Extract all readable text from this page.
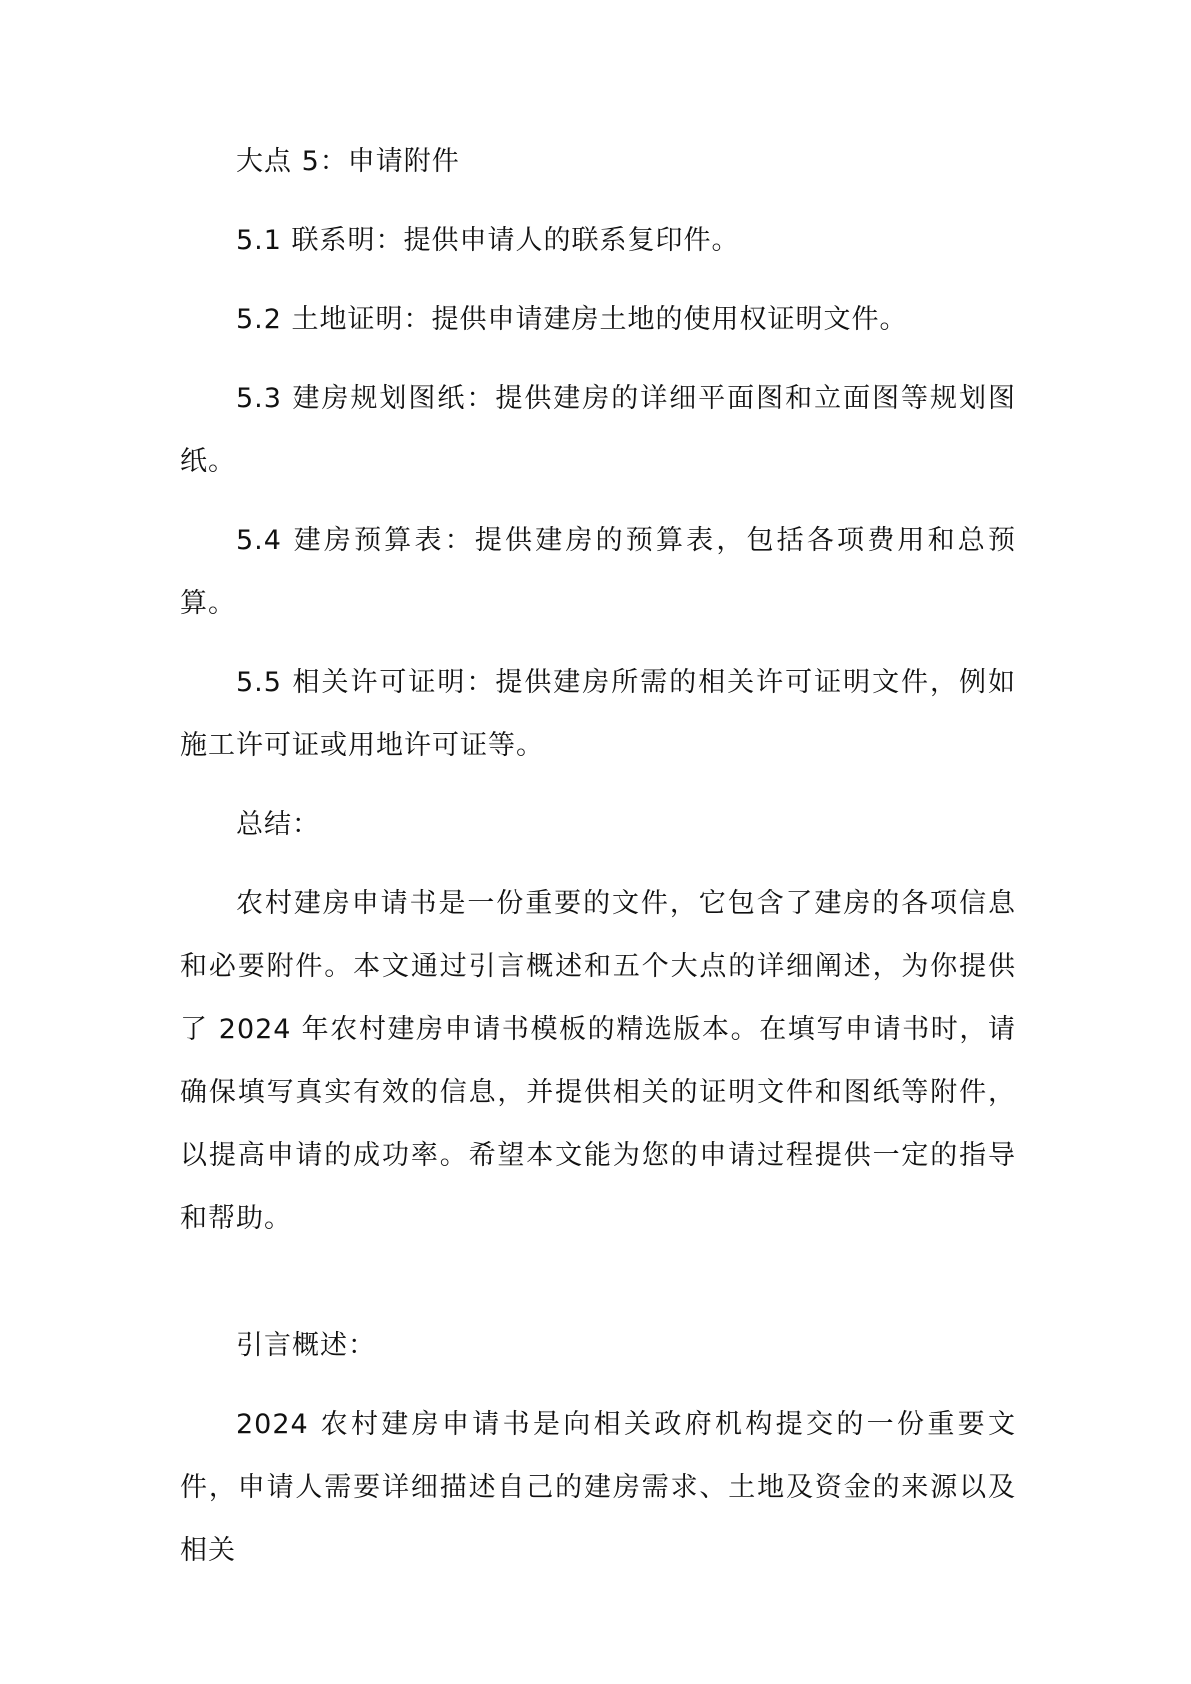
大点 5：申请附件

5.1 联系明：提供申请人的联系复印件。

5.2 土地证明：提供申请建房土地的使用权证明文件。

5.3 建房规划图纸：提供建房的详细平面图和立面图等规划图纸。

5.4 建房预算表：提供建房的预算表，包括各项费用和总预算。

5.5 相关许可证明：提供建房所需的相关许可证明文件，例如施工许可证或用地许可证等。

总结：

农村建房申请书是一份重要的文件，它包含了建房的各项信息和必要附件。本文通过引言概述和五个大点的详细阐述，为你提供了 2024 年农村建房申请书模板的精选版本。在填写申请书时，请确保填写真实有效的信息，并提供相关的证明文件和图纸等附件，以提高申请的成功率。希望本文能为您的申请过程提供一定的指导和帮助。

引言概述：

2024 农村建房申请书是向相关政府机构提交的一份重要文件，申请人需要详细描述自己的建房需求、土地及资金的来源以及相关
